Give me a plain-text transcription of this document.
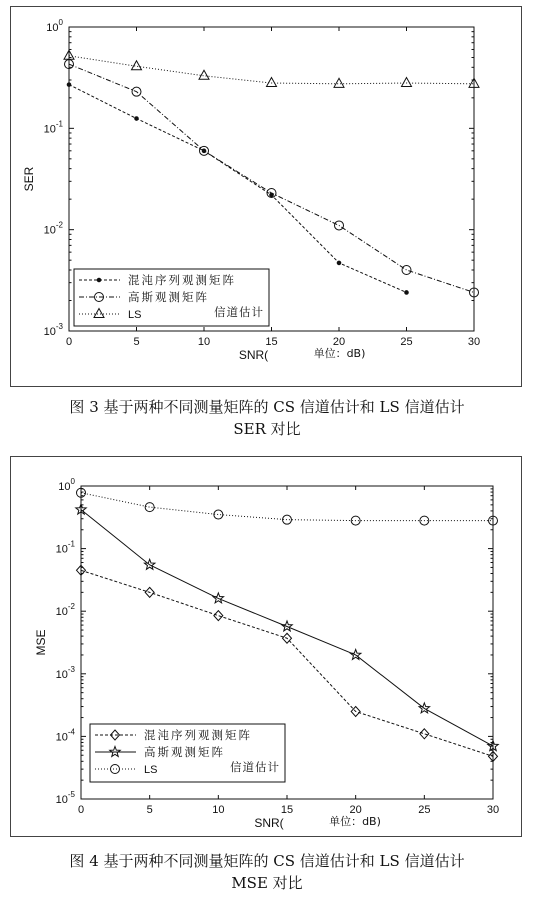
0	5	10	15	20	25	30
$10^{-3}$
$10^{-2}$
$10^{-1}$
$10^0$
SNR(	单位：dB)
SER
混沌序列观测矩阵
高斯观测矩阵
LS	信道估计
图 3 基于两种不同测量矩阵的 CS 信道估计和 LS 信道估计
SER 对比
0	5	10	15	20	25	30
$10^{-5}$
$10^{-4}$
$10^{-3}$
$10^{-2}$
$10^{-1}$
$10^0$
SNR(	单位：dB)
MSE
混沌序列观测矩阵
高斯观测矩阵
LS	信道估计
图 4 基于两种不同测量矩阵的 CS 信道估计和 LS 信道估计
MSE 对比
